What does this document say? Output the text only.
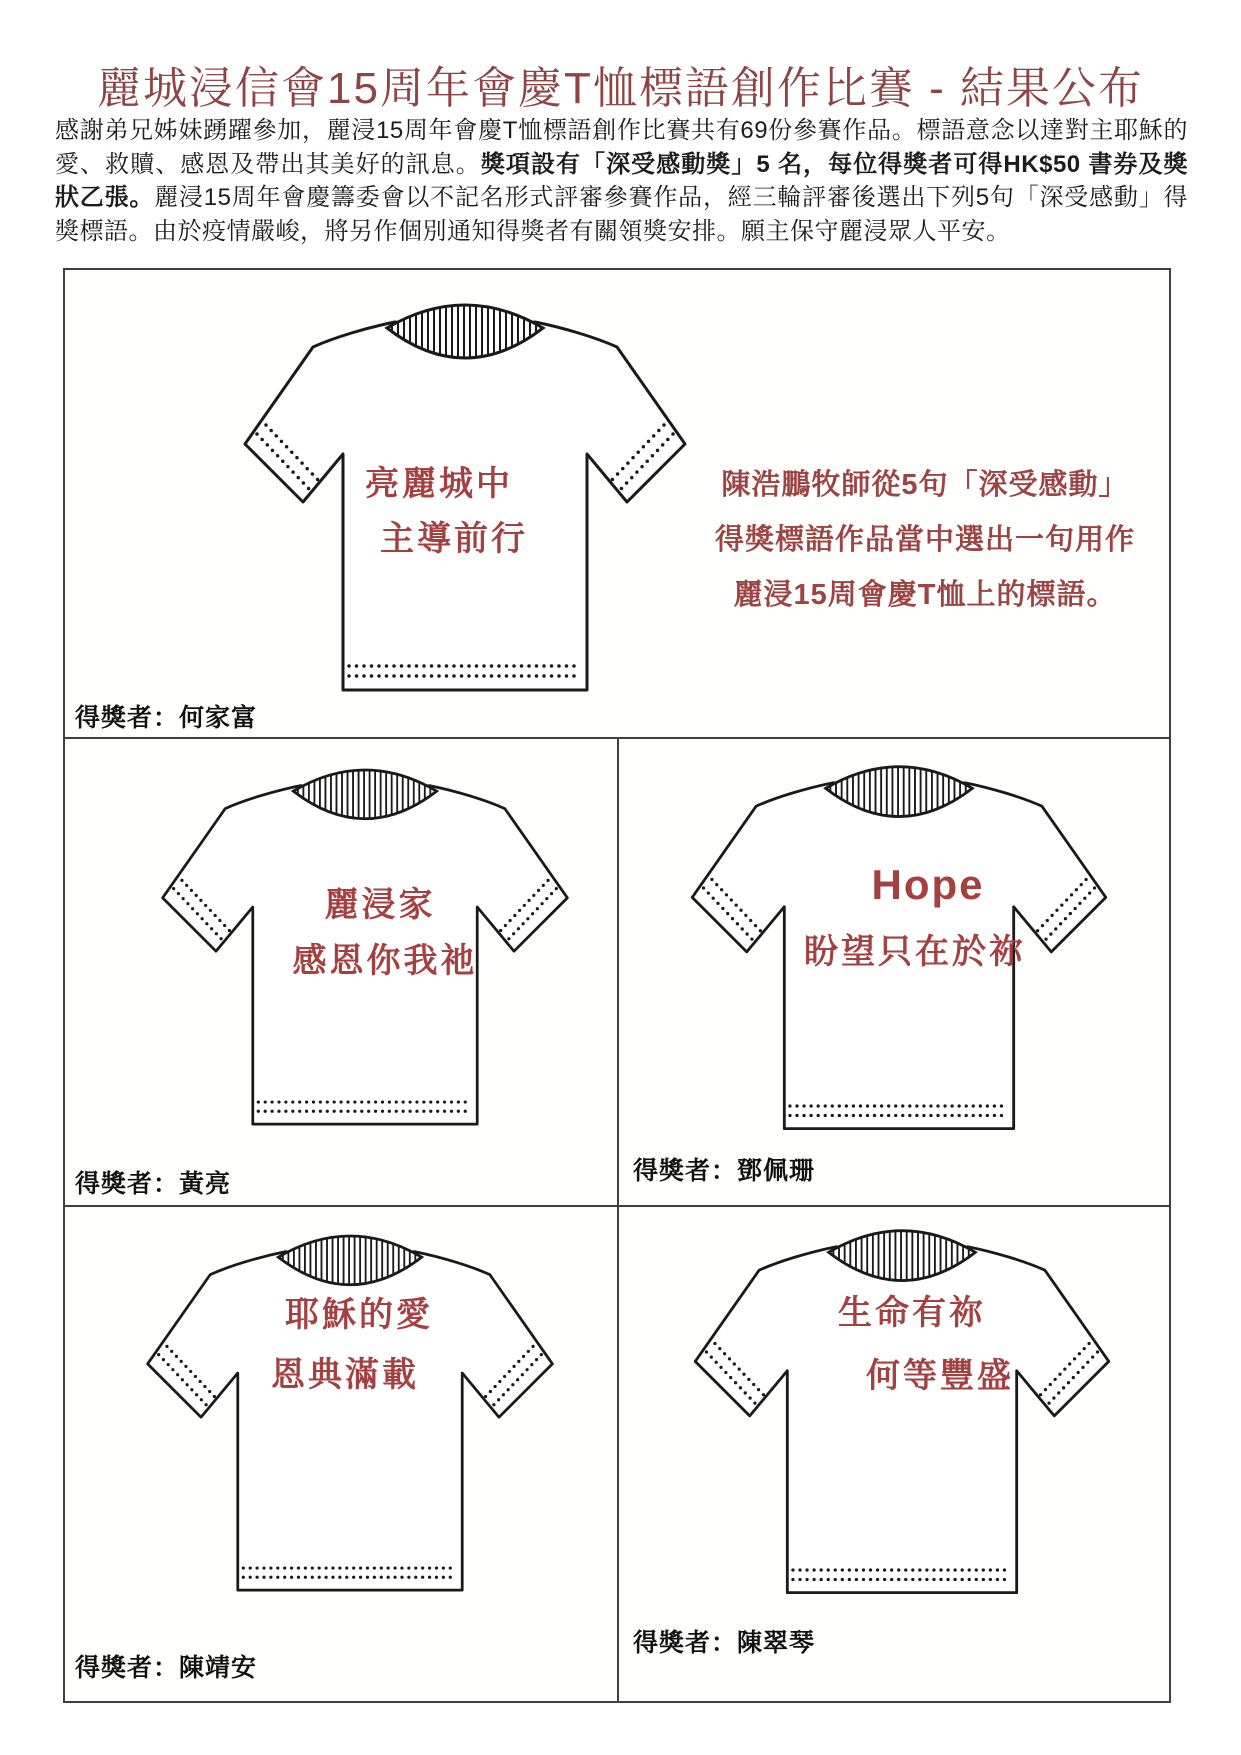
麗城浸信會15周年會慶T恤標語創作比賽 - 結果公布
感謝弟兄姊妹踴躍參加，麗浸15周年會慶T恤標語創作比賽共有69份參賽作品。標語意念以達對主耶穌的愛、救贖、感恩及帶出其美好的訊息。獎項設有「深受感動獎」5 名，每位得獎者可得HK$50 書券及獎狀乙張。麗浸15周年會慶籌委會以不記名形式評審參賽作品，經三輪評審後選出下列5句「深受感動」得獎標語。由於疫情嚴峻，將另作個別通知得獎者有關領獎安排。願主保守麗浸眾人平安。
亮麗城中
主導前行
陳浩鵬牧師從5句「深受感動」
得獎標語作品當中選出一句用作
麗浸15周會慶T恤上的標語。
得獎者：何家富
麗浸家
感恩你我祂
得獎者：黃亮
Hope
盼望只在於祢
得獎者：鄧佩珊
耶穌的愛
恩典滿載
得獎者：陳靖安
生命有祢
何等豐盛
得獎者：陳翠琴
